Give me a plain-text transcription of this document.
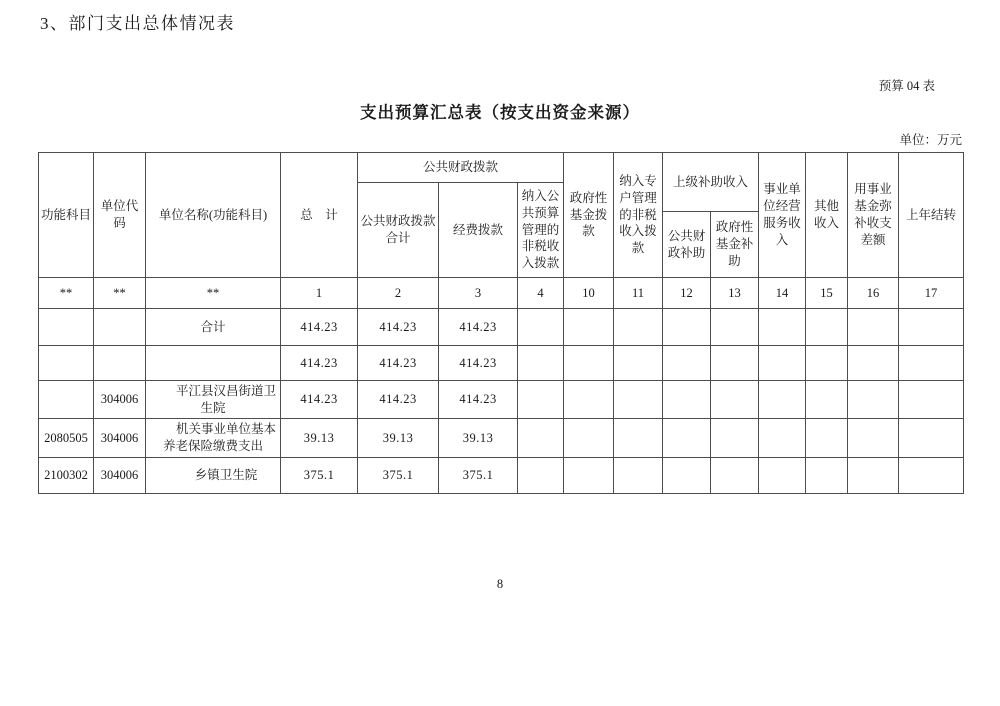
3、部门支出总体情况表
预算 04 表
支出预算汇总表（按支出资金来源）
单位：万元
功能科目	单位代码	单位名称(功能科目)	总　计	公共财政拨款			政府性基金拨款	纳入专户管理的非税收入拨款	上级补助收入		事业单位经营服务收入	其他收入	用事业基金弥补收支差额	上年结转
				公共财政拨款合计	经费拨款	纳入公共预算管理的非税收入拨款								
									公共财政补助	政府性基金补助				
**	**	**	1	2	3	4	10	11	12	13	14	15	16	17
		合计	414.23	414.23	414.23									
			414.23	414.23	414.23									
	304006	平江县汉昌街道卫生院	414.23	414.23	414.23									
2080505	304006	机关事业单位基本养老保险缴费支出	39.13	39.13	39.13									
2100302	304006	乡镇卫生院	375.1	375.1	375.1									
8
